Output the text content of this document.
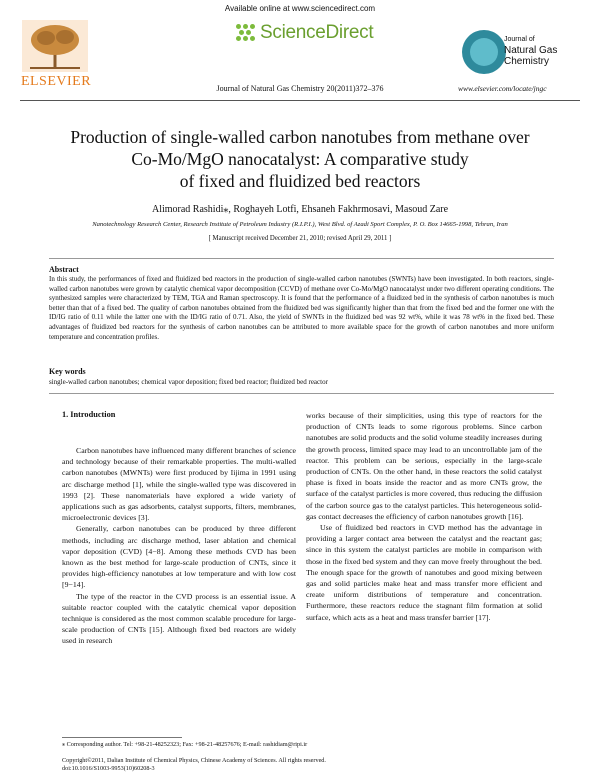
Available online at www.sciencedirect.com
ScienceDirect
ELSEVIER	Journal of Natural Gas Chemistry 20(2011)372–376
Journal of
Natural Gas
Chemistry
www.elsevier.com/locate/jngc
Production of single-walled carbon nanotubes from methane over
Co-Mo/MgO nanocatalyst: A comparative study
of fixed and fluidized bed reactors
Alimorad Rashidi⁎, Roghayeh Lotfi, Ehsaneh Fakhrmosavi, Masoud Zare
Nanotechnology Research Center, Research Institute of Petroleum Industry (R.I.P.I.), West Blvd. of Azadi Sport Complex, P. O. Box 14665-1998, Tehran, Iran
[ Manuscript received December 21, 2010; revised April 29, 2011 ]
Abstract
In this study, the performances of fixed and fluidized bed reactors in the production of single-walled carbon nanotubes (SWNTs) have been investigated. In both reactors, single-walled carbon nanotubes were grown by catalytic chemical vapor decomposition (CCVD) of methane over Co-Mo/MgO nanocatalyst under two different operating conditions. The synthesized samples were characterized by TEM, TGA and Raman spectroscopy. It is found that the performance of a fluidized bed in the synthesis of carbon nanotubes is much better than that of a fixed bed. The quality of carbon nanotubes obtained from the fluidized bed was significantly higher than that from the fixed bed and the former one with the ID/IG ratio of 0.11 while the latter one with the ID/IG ratio of 0.71. Also, the yield of SWNTs in the fluidized bed was 92 wt%, while it was 78 wt% in the fixed bed. These advantages of fluidized bed reactors for the synthesis of carbon nanotubes can be attributed to more available space for the growth of carbon nanotubes and more uniform temperature and concentration profiles.
Key words
single-walled carbon nanotubes; chemical vapor deposition; fixed bed reactor; fluidized bed reactor
1. Introduction

Carbon nanotubes have influenced many different branches of science and technology because of their remarkable properties. The multi-walled carbon nanotubes (MWNTs) were first produced by Iijima in 1991 using arc discharge method [1], while the single-walled type was discovered in 1993 [2]. These nanomaterials have explored a wide variety of applications such as gas adsorbents, catalyst supports, filters, membranes, microelectronic devices [3].

Generally, carbon nanotubes can be produced by three different methods, including arc discharge method, laser ablation and chemical vapor deposition (CVD) [4−8]. Among these methods CVD has been known as the best method for large-scale production of CNTs, since it provides high-efficiency nanotubes at low temperature and with low cost [9−14].

The type of the reactor in the CVD process is an essential issue. A suitable reactor coupled with the catalytic chemical vapor deposition technique is considered as the most common scalable procedure for large-scale production of CNTs [15]. Although fixed bed reactors are widely used in research

works because of their simplicities, using this type of reactors for the production of CNTs leads to some rigorous problems. Since carbon nanotubes are solid products and the solid volume steadily increases during the growth process, limited space may lead to an uncontrollable jam of the reactor. This problem can be serious, especially in the large-scale production of CNTs. On the other hand, in these reactors the solid catalyst phase is fixed in boats inside the reactor and as more CNTs grow, the surface of the catalyst particles is more covered, thus reducing the diffusion of the carbon source gas to the catalyst particles. This heterogeneous solid-gas contact decreases the efficiency of carbon nanotubes growth [16].

Use of fluidized bed reactors in CVD method has the advantage in providing a larger contact area between the catalyst and the reactant gas; since in this system the catalyst particles are mobile in comparison with those in the fixed bed system and they can move freely throughout the bed. The enough space for the growth of nanotubes and good mixing between gas and solid particles make heat and mass transfer more efficient and create uniform distributions of temperature and concentration. Furthermore, these reactors reduce the stagnant film formation at solid surface, which acts as a heat and mass transfer barrier [17].

⁎ Corresponding author. Tel: +98-21-48252323; Fax: +98-21-48257676; E-mail: rashidiam@ripi.ir
Copyright©2011, Dalian Institute of Chemical Physics, Chinese Academy of Sciences. All rights reserved.
doi:10.1016/S1003-9953(10)60208-3
